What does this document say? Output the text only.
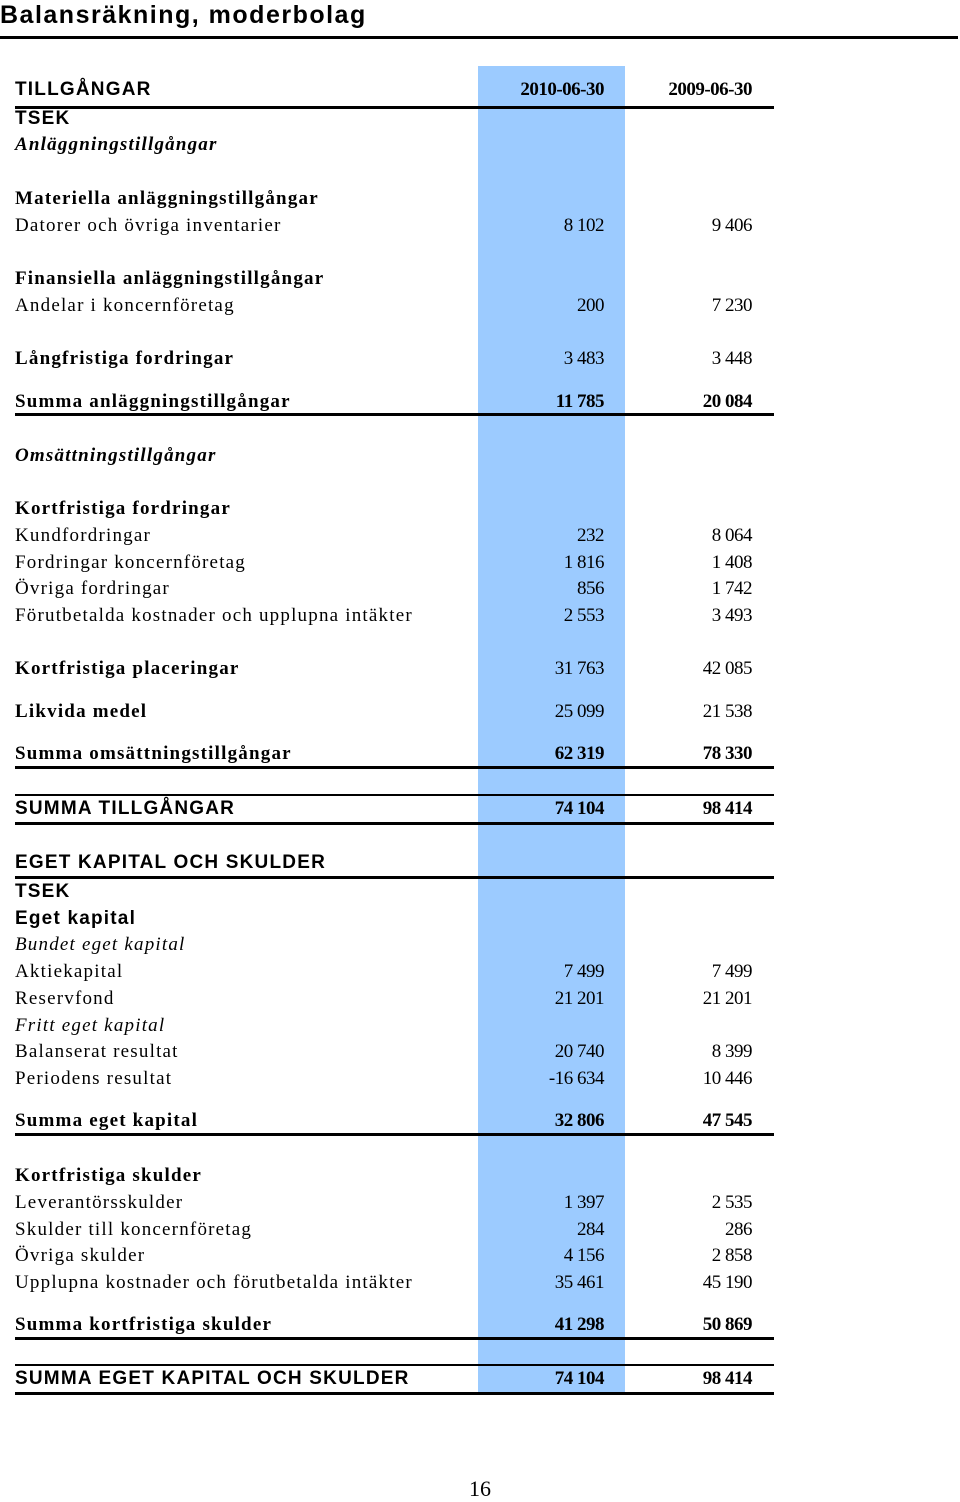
Balansräkning, moderbolag
TILLGÅNGAR	2010-06-30	2009-06-30
TSEK
Anläggningstillgångar
Materiella anläggningstillgångar
Datorer och övriga inventarier	8 102	9 406
Finansiella anläggningstillgångar
Andelar i koncernföretag	200	7 230
Långfristiga fordringar	3 483	3 448
Summa anläggningstillgångar	11 785	20 084
Omsättningstillgångar
Kortfristiga fordringar
Kundfordringar	232	8 064
Fordringar koncernföretag	1 816	1 408
Övriga fordringar	856	1 742
Förutbetalda kostnader och upplupna intäkter	2 553	3 493
Kortfristiga placeringar	31 763	42 085
Likvida medel	25 099	21 538
Summa omsättningstillgångar	62 319	78 330
SUMMA TILLGÅNGAR	74 104	98 414
EGET KAPITAL OCH SKULDER
TSEK
Eget kapital
Bundet eget kapital
Aktiekapital	7 499	7 499
Reservfond	21 201	21 201
Fritt eget kapital
Balanserat resultat	20 740	8 399
Periodens resultat	-16 634	10 446
Summa eget kapital	32 806	47 545
Kortfristiga skulder
Leverantörsskulder	1 397	2 535
Skulder till koncernföretag	284	286
Övriga skulder	4 156	2 858
Upplupna kostnader och förutbetalda intäkter	35 461	45 190
Summa kortfristiga skulder	41 298	50 869
SUMMA EGET KAPITAL OCH SKULDER	74 104	98 414
16
